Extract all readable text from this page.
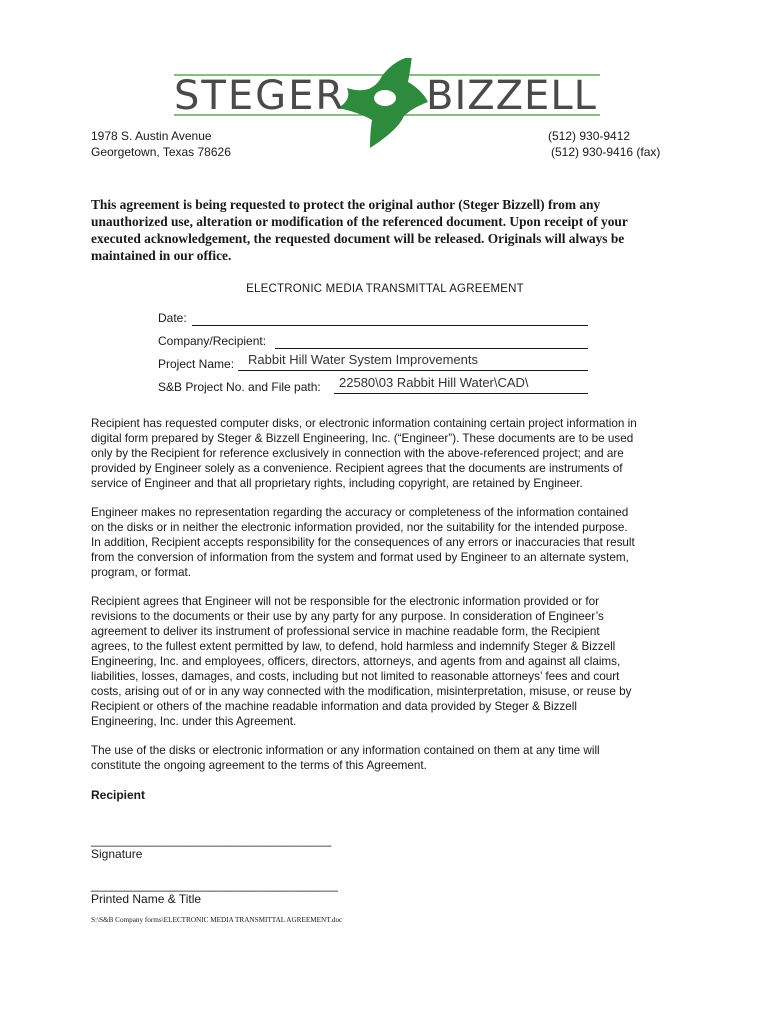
STEGER BIZZELL
1978 S. Austin Avenue
Georgetown, Texas 78626
(512) 930-9412
(512) 930-9416 (fax)
This agreement is being requested to protect the original author (Steger Bizzell) from any
unauthorized use, alteration or modification of the referenced document. Upon receipt of your
executed acknowledgement, the requested document will be released. Originals will always be
maintained in our office.
ELECTRONIC MEDIA TRANSMITTAL AGREEMENT
Date:
Company/Recipient:
Project Name: Rabbit Hill Water System Improvements
S&B Project No. and File path: 22580\03 Rabbit Hill Water\CAD\
Recipient has requested computer disks, or electronic information containing certain project information in
digital form prepared by Steger & Bizzell Engineering, Inc. (“Engineer”). These documents are to be used
only by the Recipient for reference exclusively in connection with the above-referenced project; and are
provided by Engineer solely as a convenience. Recipient agrees that the documents are instruments of
service of Engineer and that all proprietary rights, including copyright, are retained by Engineer.
Engineer makes no representation regarding the accuracy or completeness of the information contained
on the disks or in neither the electronic information provided, nor the suitability for the intended purpose.
In addition, Recipient accepts responsibility for the consequences of any errors or inaccuracies that result
from the conversion of information from the system and format used by Engineer to an alternate system,
program, or format.
Recipient agrees that Engineer will not be responsible for the electronic information provided or for
revisions to the documents or their use by any party for any purpose. In consideration of Engineer’s
agreement to deliver its instrument of professional service in machine readable form, the Recipient
agrees, to the fullest extent permitted by law, to defend, hold harmless and indemnify Steger & Bizzell
Engineering, Inc. and employees, officers, directors, attorneys, and agents from and against all claims,
liabilities, losses, damages, and costs, including but not limited to reasonable attorneys’ fees and court
costs, arising out of or in any way connected with the modification, misinterpretation, misuse, or reuse by
Recipient or others of the machine readable information and data provided by Steger & Bizzell
Engineering, Inc. under this Agreement.
The use of the disks or electronic information or any information contained on them at any time will
constitute the ongoing agreement to the terms of this Agreement.
Recipient
____________________________________
Signature
_____________________________________
Printed Name & Title
S:\S&B Company forms\ELECTRONIC MEDIA TRANSMITTAL AGREEMENT.doc
